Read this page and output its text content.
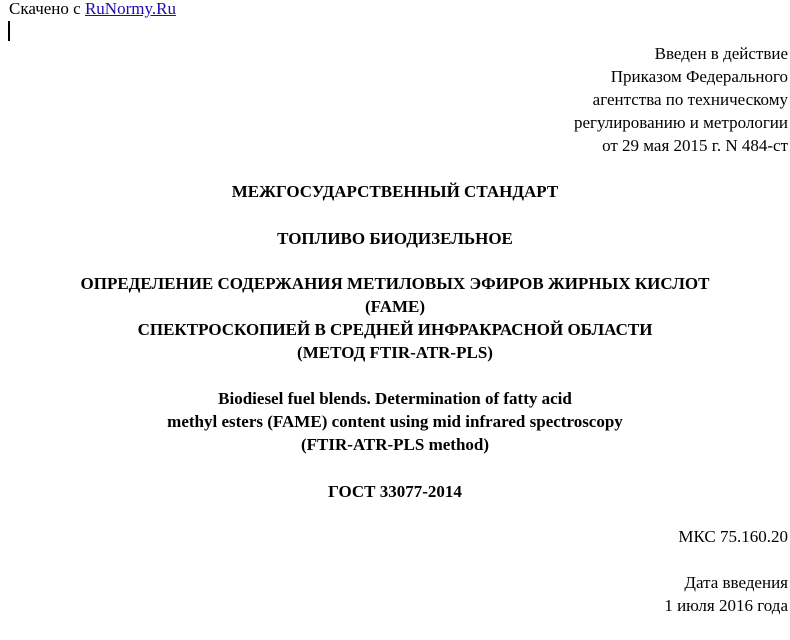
Скачено с RuNormy.Ru
Введен в действие
Приказом Федерального
агентства по техническому
регулированию и метрологии
от 29 мая 2015 г. N 484-ст
МЕЖГОСУДАРСТВЕННЫЙ СТАНДАРТ
ТОПЛИВО БИОДИЗЕЛЬНОЕ
ОПРЕДЕЛЕНИЕ СОДЕРЖАНИЯ МЕТИЛОВЫХ ЭФИРОВ ЖИРНЫХ КИСЛОТ
(FAME)
СПЕКТРОСКОПИЕЙ В СРЕДНЕЙ ИНФРАКРАСНОЙ ОБЛАСТИ
(МЕТОД FTIR-ATR-PLS)
Biodiesel fuel blends. Determination of fatty acid
methyl esters (FAME) content using mid infrared spectroscopy
(FTIR-ATR-PLS method)
ГОСТ 33077-2014
МКС 75.160.20
Дата введения
1 июля 2016 года
